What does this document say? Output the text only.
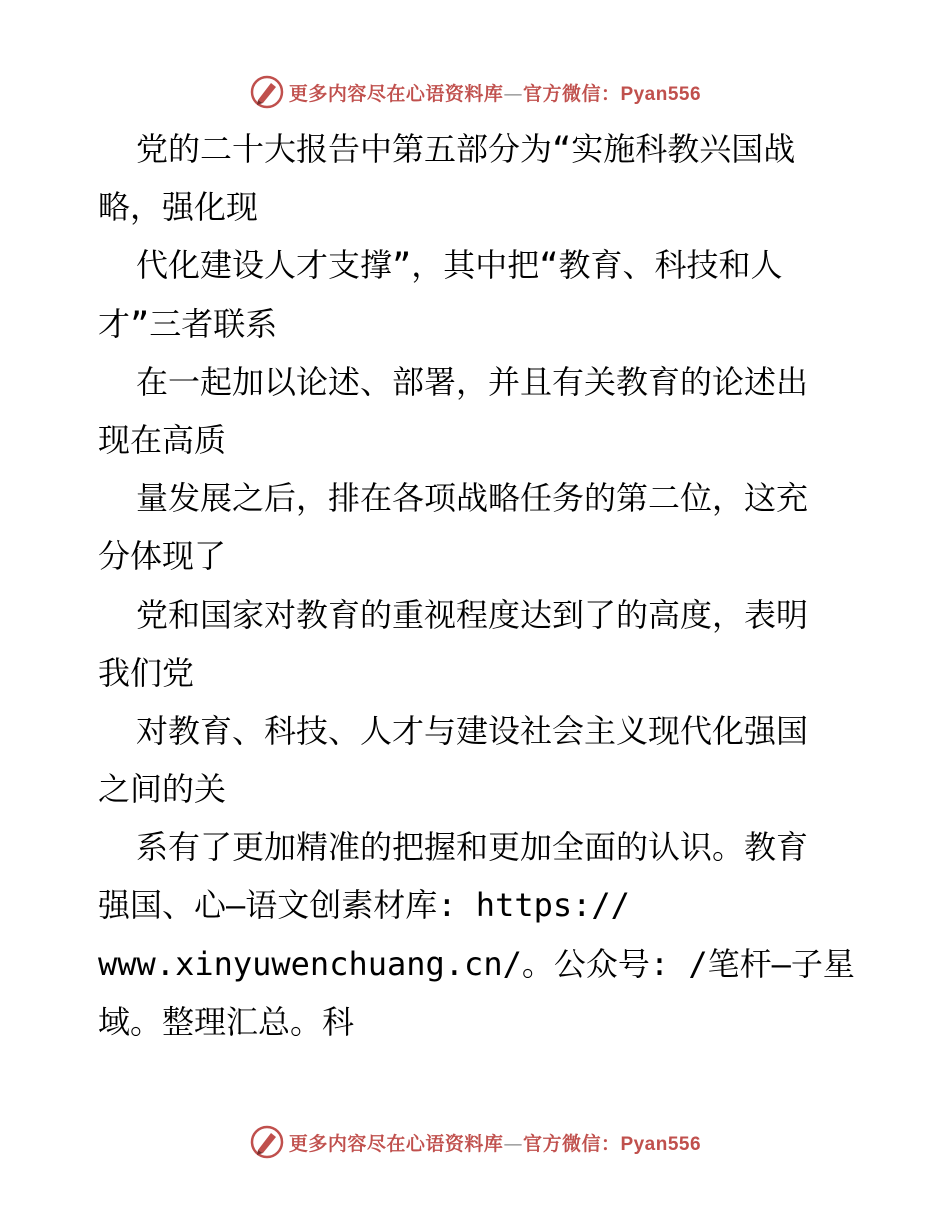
更多内容尽在心语资料库—官方微信：Pyan556
党的二十大报告中第五部分为“实施科教兴国战
略，强化现
代化建设人才支撑”，其中把“教育、科技和人
才”三者联系
在一起加以论述、部署，并且有关教育的论述出
现在高质
量发展之后，排在各项战略任务的第二位，这充
分体现了
党和国家对教育的重视程度达到了的高度，表明
我们党
对教育、科技、人才与建设社会主义现代化强国
之间的关
系有了更加精准的把握和更加全面的认识。教育
强国、心—语文创素材库: https://
www.xinyuwenchuang.cn/。公众号: /笔杆—子星
域。整理汇总。科
更多内容尽在心语资料库—官方微信：Pyan556
